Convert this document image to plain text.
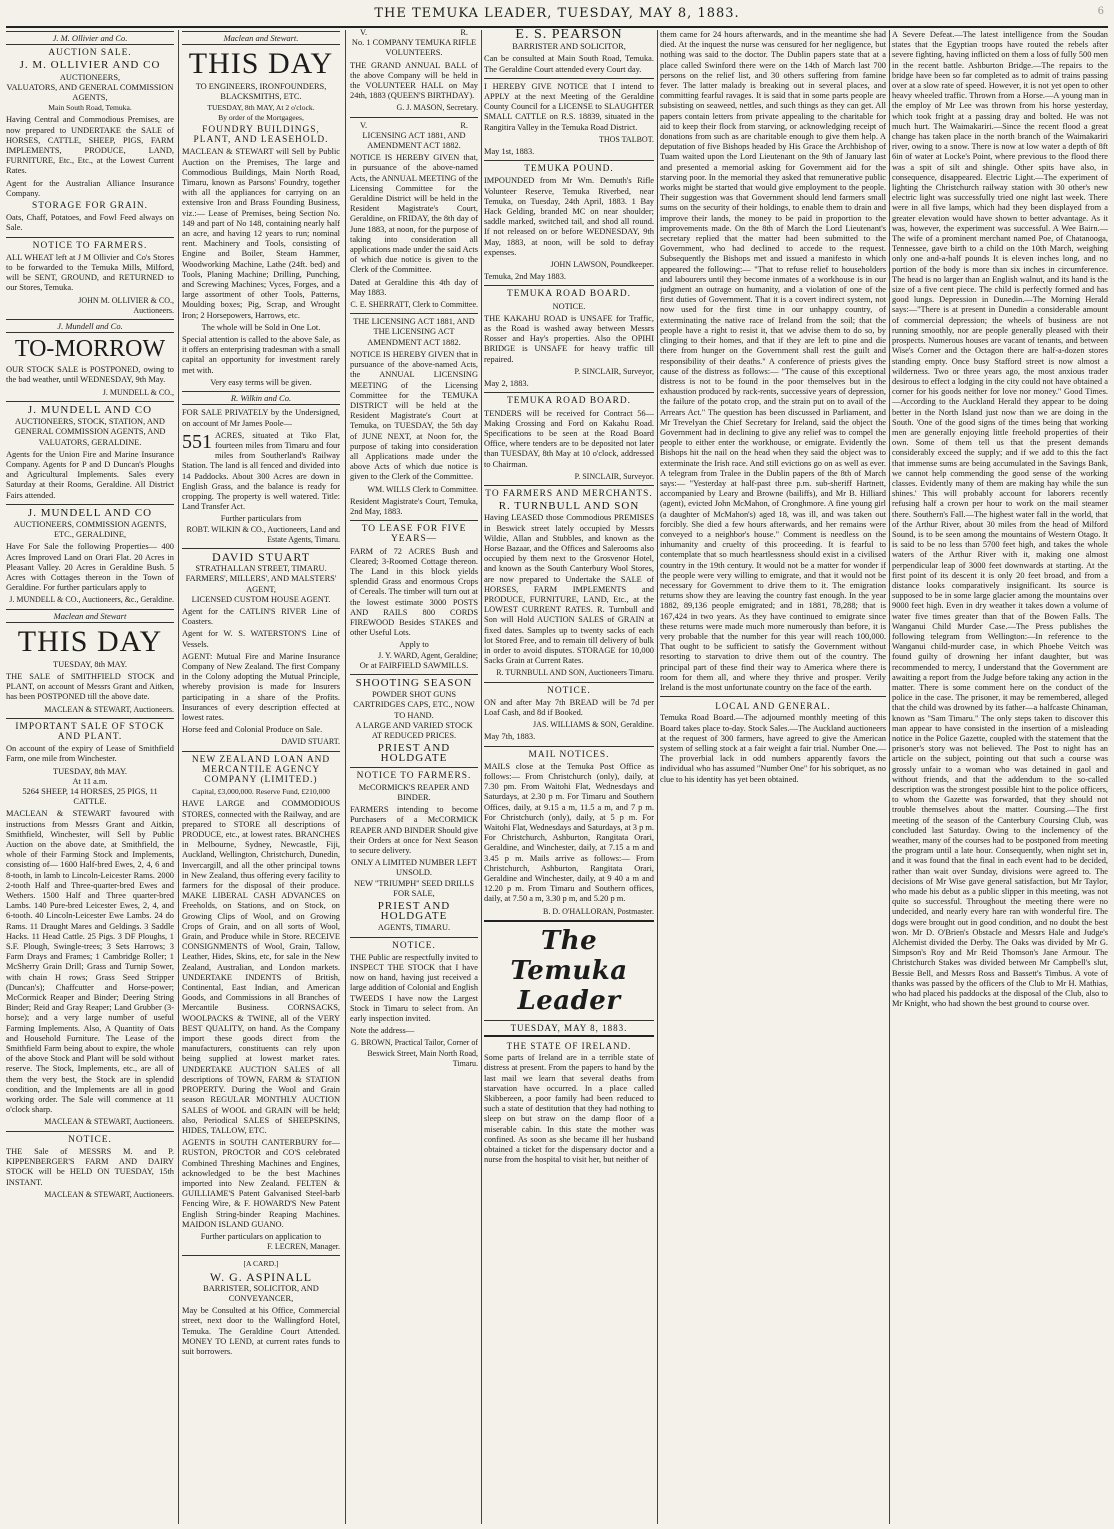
THE TEMUKA LEADER, TUESDAY, MAY 8, 1883.	6
J. M. Ollivier and Co.
AUCTION SALE.
J. M. OLLIVIER AND CO
AUCTIONEERS,
VALUATORS, AND GENERAL COMMISSION AGENTS,
Main South Road, Temuka.
Having Central and Commodious Premises, are now prepared to UNDERTAKE the SALE of HORSES, CATTLE, SHEEP, PIGS, FARM IMPLEMENTS, PRODUCE, LAND, FURNITURE, Etc., Etc., at the Lowest Current Rates.
Agent for the Australian Alliance Insurance Company.
STORAGE FOR GRAIN.
Oats, Chaff, Potatoes, and Fowl Feed always on Sale.
NOTICE TO FARMERS.
ALL WHEAT left at J M Ollivier and Co's Stores to be forwarded to the Temuka Mills, Milford, will be SENT, GROUND, and RETURNED to our Stores, Temuka.
JOHN M. OLLIVIER & CO.,
Auctioneers.
J. Mundell and Co.
TO-MORROW
OUR STOCK SALE is POSTPONED, owing to the bad weather, until WEDNESDAY, 9th May.
J. MUNDELL & CO.,
J. MUNDELL AND CO
AUCTIONEERS, STOCK, STATION, AND GENERAL COMMISSION AGENTS, AND VALUATORS, GERALDINE.
Agents for the Union Fire and Marine Insurance Company. Agents for P and D Duncan's Ploughs and Agricultural Implements. Sales every Saturday at their Rooms, Geraldine. All District Fairs attended.
J. MUNDELL AND CO
AUCTIONEERS, COMMISSION AGENTS, ETC., GERALDINE,
Have For Sale the following Properties— 400 Acres Improved Land on Orari Flat. 20 Acres in Pleasant Valley. 20 Acres in Geraldine Bush. 5 Acres with Cottages thereon in the Town of Geraldine. For further particulars apply to
J. MUNDELL & CO., Auctioneers, &c., Geraldine.
Maclean and Stewart
THIS DAY
TUESDAY, 8th MAY.
THE SALE of SMITHFIELD STOCK and PLANT, on account of Messrs Grant and Aitken, has been POSTPONED till the above date.
MACLEAN & STEWART, Auctioneers.
IMPORTANT SALE OF STOCK AND PLANT.
On account of the expiry of Lease of Smithfield Farm, one mile from Winchester.
TUESDAY, 8th MAY.
At 11 a.m.
5264 SHEEP, 14 HORSES, 25 PIGS, 11 CATTLE.
MACLEAN & STEWART favoured with instructions from Messrs Grant and Aitkin, Smithfield, Winchester, will Sell by Public Auction on the above date, at Smithfield, the whole of their Farming Stock and Implements, consisting of— 1600 Half-bred Ewes, 2, 4, 6 and 8-tooth, in lamb to Lincoln-Leicester Rams. 2000 2-tooth Half and Three-quarter-bred Ewes and Wethers. 1500 Half and Three quarter-bred Lambs. 140 Pure-bred Leicester Ewes, 2, 4, and 6-tooth. 40 Lincoln-Leicester Ewe Lambs. 24 do Rams. 11 Draught Mares and Geldings. 3 Saddle Hacks. 11 Head Cattle. 25 Pigs. 3 DF Ploughs, 1 S.F. Plough, Swingle-trees; 3 Sets Harrows; 3 Farm Drays and Frames; 1 Cambridge Roller; 1 McSherry Grain Drill; Grass and Turnip Sower, with chain H rows; Grass Seed Stripper (Duncan's); Chaffcutter and Horse-power; McCormick Reaper and Binder; Deering String Binder; Reid and Gray Reaper; Land Grubber (3-horse); and a very large number of useful Farming Implements. Also, A Quantity of Oats and Household Furniture. The Lease of the Smithfield Farm being about to expire, the whole of the above Stock and Plant will be sold without reserve. The Stock, Implements, etc., are all of them the very best, the Stock are in splendid condition, and the Implements are all in good working order. The Sale will commence at 11 o'clock sharp.
MACLEAN & STEWART, Auctioneers.
NOTICE.
THE Sale of MESSRS M. and P. KIPPENBERGER'S FARM AND DAIRY STOCK will be HELD ON TUESDAY, 15th INSTANT.
MACLEAN & STEWART, Auctioneers.
Maclean and Stewart.
THIS DAY
TO ENGINEERS, IRONFOUNDERS, BLACKSMITHS, ETC.
TUESDAY, 8th MAY, At 2 o'clock.
By order of the Mortgagees,
FOUNDRY BUILDINGS, PLANT, AND LEASEHOLD.
MACLEAN & STEWART will Sell by Public Auction on the Premises, The large and Commodious Buildings, Main North Road, Timaru, known as Parsons' Foundry, together with all the appliances for carrying on an extensive Iron and Brass Founding Business, viz.:— Lease of Premises, being Section No. 149 and part of No 148, containing nearly half an acre, and having 12 years to run; nominal rent. Machinery and Tools, consisting of Engine and Boiler, Steam Hammer, Woodworking Machine, Lathe (24ft. bed) and Tools, Planing Machine; Drilling, Punching, and Screwing Machines; Vyces, Forges, and a large assortment of other Tools, Patterns, Moulding boxes; Pig, Scrap, and Wrought Iron; 2 Horsepowers, Harrows, etc.
The whole will be Sold in One Lot.
Special attention is called to the above Sale, as it offers an enterprising tradesman with a small capital an opportunity for investment rarely met with.
Very easy terms will be given.
R. Wilkin and Co.
FOR SALE PRIVATELY by the Undersigned, on account of Mr James Poole—
551 ACRES, situated at Tiko Flat, fourteen miles from Timaru and four miles from Southerland's Railway Station. The land is all fenced and divided into 14 Paddocks. About 300 Acres are down in English Grass, and the balance is ready for cropping. The property is well watered. Title: Land Transfer Act.
Further particulars from
ROBT. WILKIN & CO., Auctioneers, Land and Estate Agents, Timaru.
DAVID STUART
STRATHALLAN STREET, TIMARU.
FARMERS', MILLERS', AND MALSTERS' AGENT,
LICENSED CUSTOM HOUSE AGENT.
Agent for the CATLIN'S RIVER Line of Coasters.
Agent for W. S. WATERSTON'S Line of Vessels.
AGENT: Mutual Fire and Marine Insurance Company of New Zealand. The first Company in the Colony adopting the Mutual Principle, whereby provision is made for Insurers participating in a share of the Profits. Insurances of every description effected at lowest rates.
Horse feed and Colonial Produce on Sale.
DAVID STUART.
NEW ZEALAND LOAN AND MERCANTILE AGENCY COMPANY (LIMITED.)
Capital, £3,000,000. Reserve Fund, £210,000
HAVE LARGE and COMMODIOUS STORES, connected with the Railway, and are prepared to STORE all descriptions of PRODUCE, etc., at lowest rates. BRANCHES in Melbourne, Sydney, Newcastle, Fiji, Auckland, Wellington, Christchurch, Dunedin, Invercargill, and all the other principal towns in New Zealand, thus offering every facility to farmers for the disposal of their produce. MAKE LIBERAL CASH ADVANCES on Freeholds, on Stations, and on Stock, on Growing Clips of Wool, and on Growing Crops of Grain, and on all sorts of Wool, Grain, and Produce while in Store. RECEIVE CONSIGNMENTS of Wool, Grain, Tallow, Leather, Hides, Skins, etc, for sale in the New Zealand, Australian, and London markets. UNDERTAKE INDENTS of British, Continental, East Indian, and American Goods, and Commissions in all Branches of Mercantile Business. CORNSACKS, WOOLPACKS & TWINE, all of the VERY BEST QUALITY, on hand. As the Company import these goods direct from the manufacturers, constituents can rely upon being supplied at lowest market rates. UNDERTAKE AUCTION SALES of all descriptions of TOWN, FARM & STATION PROPERTY. During the Wool and Grain season REGULAR MONTHLY AUCTION SALES of WOOL and GRAIN will be held; also, Periodical SALES of SHEEPSKINS, HIDES, TALLOW, ETC.
AGENTS in SOUTH CANTERBURY for— RUSTON, PROCTOR and CO'S celebrated Combined Threshing Machines and Engines, acknowledged to be the best Machines imported into New Zealand. FELTEN & GUILLIAME'S Patent Galvanised Steel-barb Fencing Wire, & F. HOWARD'S New Patent English String-binder Reaping Machines. MAIDON ISLAND GUANO.
Further particulars on application to
F. LECREN, Manager.
[A CARD.]
W. G. ASPINALL
BARRISTER, SOLICITOR, AND CONVEYANCER,
May be Consulted at his Office, Commercial street, next door to the Wallingford Hotel, Temuka. The Geraldine Court Attended. MONEY TO LEND, at current rates funds to suit borrowers.
V.	R.
No. 1 COMPANY TEMUKA RIFLE VOLUNTEERS.
THE GRAND ANNUAL BALL of the above Company will be held in the VOLUNTEER HALL on May 24th, 1883 (QUEEN'S BIRTHDAY).
G. J. MASON, Secretary.
V.	R.
LICENSING ACT 1881, AND AMENDMENT ACT 1882.
NOTICE IS HEREBY GIVEN that, in pursuance of the above-named Acts, the ANNUAL MEETING of the Licensing Committee for the Geraldine District will be held in the Resident Magistrate's Court, Geraldine, on FRIDAY, the 8th day of June 1883, at noon, for the purpose of taking into consideration all applications made under the said Acts of which due notice is given to the Clerk of the Committee.
Dated at Geraldine this 4th day of May 1883.
C. E. SHERRATT, Clerk to Committee.
THE LICENSING ACT 1881, AND THE LICENSING ACT AMENDMENT ACT 1882.
NOTICE IS HEREBY GIVEN that in pursuance of the above-named Acts, the ANNUAL LICENSING MEETING of the Licensing Committee for the TEMUKA DISTRICT will be held at the Resident Magistrate's Court at Temuka, on TUESDAY, the 5th day of JUNE NEXT, at Noon for, the purpose of taking into consideration all Applications made under the above Acts of which due notice is given to the Clerk of the Committee.
WM. WILLS Clerk to Committee.
Resident Magistrate's Court, Temuka, 2nd May, 1883.
TO LEASE FOR FIVE YEARS—
FARM of 72 ACRES Bush and Cleared; 3-Roomed Cottage thereon. The Land in this block yields splendid Grass and enormous Crops of Cereals. The timber will turn out at the lowest estimate 3000 POSTS AND RAILS 800 CORDS FIREWOOD Besides STAKES and other Useful Lots.
Apply to
J. Y. WARD, Agent, Geraldine;
Or at FAIRFIELD SAWMILLS.
SHOOTING SEASON
POWDER SHOT GUNS CARTRIDGES CAPS, ETC., NOW TO HAND.
A LARGE AND VARIED STOCK AT REDUCED PRICES.
PRIEST AND HOLDGATE
NOTICE TO FARMERS.
McCORMICK'S REAPER AND BINDER.
FARMERS intending to become Purchasers of a McCORMICK REAPER AND BINDER Should give their Orders at once for Next Season to secure delivery.
ONLY A LIMITED NUMBER LEFT UNSOLD.
NEW "TRIUMPH" SEED DRILLS FOR SALE,
PRIEST AND HOLDGATE
AGENTS, TIMARU.
NOTICE.
THE Public are respectfully invited to INSPECT THE STOCK that I have now on hand, having just received a large addition of Colonial and English TWEEDS I have now the Largest Stock in Timaru to select from. An early inspection invited.
Note the address—
G. BROWN, Practical Tailor, Corner of Beswick Street, Main North Road, Timaru.
E. S. PEARSON
BARRISTER AND SOLICITOR,
Can be consulted at Main South Road, Temuka. The Geraldine Court attended every Court day.
I HEREBY GIVE NOTICE that I intend to APPLY at the next Meeting of the Geraldine County Council for a LICENSE to SLAUGHTER SMALL CATTLE on R.S. 18839, situated in the Rangitira Valley in the Temuka Road District.
THOS TALBOT.
May 1st, 1883.
TEMUKA POUND.
IMPOUNDED from Mr Wm. Demuth's Rifle Volunteer Reserve, Temuka Riverbed, near Temuka, on Tuesday, 24th April, 1883. 1 Bay Hack Gelding, branded MC on near shoulder; saddle marked, switched tail, and shod all round. If not released on or before WEDNESDAY, 9th May, 1883, at noon, will be sold to defray expenses.
JOHN LAWSON, Poundkeeper.
Temuka, 2nd May 1883.
TEMUKA ROAD BOARD.
NOTICE.
THE KAKAHU ROAD is UNSAFE for Traffic, as the Road is washed away between Messrs Rosser and Hay's properties. Also the OPIHI BRIDGE is UNSAFE for heavy traffic till repaired.
P. SINCLAIR, Surveyor,
May 2, 1883.
TEMUKA ROAD BOARD.
TENDERS will be received for Contract 56— Making Crossing and Ford on Kakahu Road. Specifications to be seen at the Road Board Office, where tenders are to be deposited not later than TUESDAY, 8th May at 10 o'clock, addressed to Chairman.
P. SINCLAIR, Surveyor.
TO FARMERS AND MERCHANTS.
R. TURNBULL AND SON
Having LEASED those Commodious PREMISES in Beswick street lately occupied by Messrs Wildie, Allan and Stubbles, and known as the Horse Bazaar, and the Offices and Salerooms also occupied by them next to the Grosvenor Hotel, and known as the South Canterbury Wool Stores, are now prepared to Undertake the SALE of HORSES, FARM IMPLEMENTS and PRODUCE, FURNITURE, LAND, Etc., at the LOWEST CURRENT RATES. R. Turnbull and Son will Hold AUCTION SALES of GRAIN at fixed dates. Samples up to twenty sacks of each lot Stored Free, and to remain till delivery of bulk in order to avoid disputes. STORAGE for 10,000 Sacks Grain at Current Rates.
R. TURNBULL AND SON, Auctioneers Timaru.
NOTICE.
ON and after May 7th BREAD will be 7d per Loaf Cash, and 8d if Booked.
JAS. WILLIAMS & SON, Geraldine.
May 7th, 1883.
MAIL NOTICES.
MAILS close at the Temuka Post Office as follows:— From Christchurch (only), daily, at 7.30 pm. From Waitohi Flat, Wednesdays and Saturdays, at 2.30 p m. For Timaru and Southern Offices, daily, at 9.15 a m, 11.5 a m, and 7 p m. For Christchurch (only), daily, at 5 p m. For Waitohi Flat, Wednesdays and Saturdays, at 3 p m. For Christchurch, Ashburton, Rangitata Orari, Geraldine, and Winchester, daily, at 7.15 a m and 3.45 p m. Mails arrive as follows:— From Christchurch, Ashburton, Rangitata Orari, Geraldine and Winchester, daily, at 9 40 a m and 12.20 p m. From Timaru and Southern offices, daily, at 7.50 a m, 3.30 p m, and 5.20 p m.
B. D. O'HALLORAN, Postmaster.
The Temuka Leader
TUESDAY, MAY 8, 1883.
THE STATE OF IRELAND.
Some parts of Ireland are in a terrible state of distress at present. From the papers to hand by the last mail we learn that several deaths from starvation have occurred. In a place called Skibbereen, a poor family had been reduced to such a state of destitution that they had nothing to sleep on but straw on the damp floor of a miserable cabin. In this state the mother was confined. As soon as she became ill her husband obtained a ticket for the dispensary doctor and a nurse from the hospital to visit her, but neither of
them came for 24 hours afterwards, and in the meantime she had died. At the inquest the nurse was censured for her negligence, but nothing was said to the doctor. The Dublin papers state that at a place called Swinford there were on the 14th of March last 700 persons on the relief list, and 30 others suffering from famine fever. The latter malady is breaking out in several places, and committing fearful ravages. It is said that in some parts people are subsisting on seaweed, nettles, and such things as they can get. All papers contain letters from private appealing to the charitable for aid to keep their flock from starving, or acknowledging receipt of donations from such as are charitable enough to give them help. A deputation of five Bishops headed by His Grace the Archbishop of Tuam waited upon the Lord Lieutenant on the 9th of January last and presented a memorial asking for Government aid for the starving poor. In the memorial they asked that remunerative public works might be started that would give employment to the people. Their suggestion was that Government should lend farmers small sums on the security of their holdings, to enable them to drain and improve their lands, the money to be paid in proportion to the improvements made. On the 8th of March the Lord Lieutenant's secretary replied that the matter had been submitted to the Government, who had declined to accede to the request. Subsequently the Bishops met and issued a manifesto in which appeared the following:— "That to refuse relief to householders and labourers until they become inmates of a workhouse is in our judgment an outrage on humanity, and a violation of one of the first duties of Government. That it is a covert indirect system, not now used for the first time in our unhappy country, of exterminating the native race of Ireland from the soil; that the people have a right to resist it, that we advise them to do so, by clinging to their homes, and that if they are left to pine and die there from hunger on the Government shall rest the guilt and responsibility of their deaths." A conference of priests gives the cause of the distress as follows:— "The cause of this exceptional distress is not to be found in the poor themselves but in the exhaustion produced by rack-rents, successive years of depression, the failure of the potato crop, and the strain put on to avail of the Arrears Act." The question has been discussed in Parliament, and Mr Trevelyan the Chief Secretary for Ireland, said the object the Government had in declining to give any relief was to compel the people to either enter the workhouse, or emigrate. Evidently the Bishops hit the nail on the head when they said the object was to exterminate the Irish race. And still evictions go on as well as ever. A telegram from Tralee in the Dublin papers of the 8th of March says:— "Yesterday at half-past three p.m. sub-sheriff Hartnett, accompanied by Leary and Browne (bailiffs), and Mr B. Hilliard (agent), evicted John McMahon, of Cronghmore. A fine young girl (a daughter of McMahon's) aged 18, was ill, and was taken out forcibly. She died a few hours afterwards, and her remains were conveyed to a neighbor's house." Comment is needless on the inhumanity and cruelty of this proceeding. It is fearful to contemplate that so much heartlessness should exist in a civilised country in the 19th century. It would not be a matter for wonder if the people were very willing to emigrate, and that it would not be necessary for Government to drive them to it. The emigration returns show they are leaving the country fast enough. In the year 1882, 89,136 people emigrated; and in 1881, 78,288; that is 167,424 in two years. As they have continued to emigrate since these returns were made much more numerously than before, it is very probable that the number for this year will reach 100,000. That ought to be sufficient to satisfy the Government without resorting to starvation to drive them out of the country. The principal part of these find their way to America where there is room for them all, and where they thrive and prosper. Verily Ireland is the most unfortunate country on the face of the earth.
LOCAL AND GENERAL.
Temuka Road Board.—The adjourned monthly meeting of this Board takes place to-day. Stock Sales.—The Auckland auctioneers at the request of 300 farmers, have agreed to give the American system of selling stock at a fair weight a fair trial. Number One.—The proverbial lack in odd numbers apparently favors the individual who has assumed "Number One" for his sobriquet, as no clue to his identity has yet been obtained.
A Severe Defeat.—The latest intelligence from the Soudan states that the Egyptian troops have routed the rebels after severe fighting, having inflicted on them a loss of fully 500 men in the recent battle. Ashburton Bridge.—The repairs to the bridge have been so far completed as to admit of trains passing over at a slow rate of speed. However, it is not yet open to other heavy wheeled traffic. Thrown from a Horse.—A young man in the employ of Mr Lee was thrown from his horse yesterday, which took fright at a passing dray and bolted. He was not much hurt. The Waimakariri.—Since the recent flood a great change has taken place in the north branch of the Waimakariri river, owing to a snow. There is now at low water a depth of 8ft 6in of water at Locke's Point, where previous to the flood there was a spit of silt and shingle. Other spits have also, in consequence, disappeared. Electric Light.—The experiment of lighting the Christchurch railway station with 30 other's new electric light was successfully tried one night last week. There were in all five lamps, which had they been displayed from a greater elevation would have shown to better advantage. As it was, however, the experiment was successful. A Wee Bairn.—The wife of a prominent merchant named Poe, of Chatanooga, Tennessee, gave birth to a child on the 10th March, weighing only one and-a-half pounds It is eleven inches long, and no portion of the body is more than six inches in circumference. The head is no larger than an English walnut, and its hand is the size of a five cent piece. The child is perfectly formed and has good lungs. Depression in Dunedin.—The Morning Herald says:—"There is at present in Dunedin a considerable amount of commercial depression; the wheels of business are not running smoothly, nor are people generally pleased with their prospects. Numerous houses are vacant of tenants, and between Wise's Corner and the Octagon there are half-a-dozen stores standing empty. Once busy Stafford street is now almost a wilderness. Two or three years ago, the most anxious trader desirous to effect a lodging in the city could not have obtained a corner for his goods neither for love nor money." Good Times.—According to the Auckland Herald they appear to be doing better in the North Island just now than we are doing in the South. 'One of the good signs of the times being that working men are generally enjoying little freehold properties of their own. Some of them tell us that the present demands considerably exceed the supply; and if we add to this the fact that immense sums are being accumulated in the Savings Bank, we cannot help commending the good sense of the working classes. Evidently many of them are making hay while the sun shines.' This will probably account for laborers recently refusing half a crown per hour to work on the mail steamer there. Southern's Fall.—The highest water fall in the world, that of the Arthur River, about 30 miles from the head of Milford Sound, is to be seen among the mountains of Western Otago. It is said to be no less than 5700 feet high, and takes the whole waters of the Arthur River with it, making one almost perpendicular leap of 3000 feet downwards at starting. At the first point of its descent it is only 20 feet broad, and from a distance looks comparatively insignificant. Its source is supposed to be in some large glacier among the mountains over 9000 feet high. Even in dry weather it takes down a volume of water five times greater than that of the Bowen Falls. The Wanganui Child Murder Case.—The Press publishes the following telegram from Wellington:—In reference to the Wanganui child-murder case, in which Phoebe Veitch was found guilty of drowning her infant daughter, but was recommended to mercy, I understand that the Government are awaiting a report from the Judge before taking any action in the matter. There is some comment here on the conduct of the police in the case. The prisoner, it may be remembered, alleged that the child was drowned by its father—a halfcaste Chinaman, known as "Sam Timaru." The only steps taken to discover this man appear to have consisted in the insertion of a misleading notice in the Police Gazette, coupled with the statement that the prisoner's story was not believed. The Post to night has an article on the subject, pointing out that such a course was grossly unfair to a woman who was detained in gaol and without friends, and that the addendum to the so-called description was the strongest possible hint to the police officers, to whom the Gazette was forwarded, that they should not trouble themselves about the matter. Coursing.—The first meeting of the season of the Canterbury Coursing Club, was concluded last Saturday. Owing to the inclemency of the weather, many of the courses had to be postponed from meeting the program until a late hour. Consequently, when night set in, and it was found that the final in each event had to be decided, rather than wait over Sunday, divisions were agreed to. The decisions of Mr Wise gave general satisfaction, but Mr Taylor, who made his debut as a public slipper in this meeting, was not quite so successful. Throughout the meeting there were no undecided, and nearly every hare ran with wonderful fire. The dogs were brought out in good condition, and no doubt the best won. Mr D. O'Brien's Obstacle and Messrs Hale and Judge's Alchemist divided the Derby. The Oaks was divided by Mr G. Simpson's Roy and Mr Reid Thomson's Jane Armour. The Christchurch Stakes was divided between Mr Campbell's slut, Bessie Bell, and Messrs Ross and Bassett's Timbus. A vote of thanks was passed by the officers of the Club to Mr H. Mathias, who had placed his paddocks at the disposal of the Club, also to Mr Knight, who had shown the best ground to course over.
